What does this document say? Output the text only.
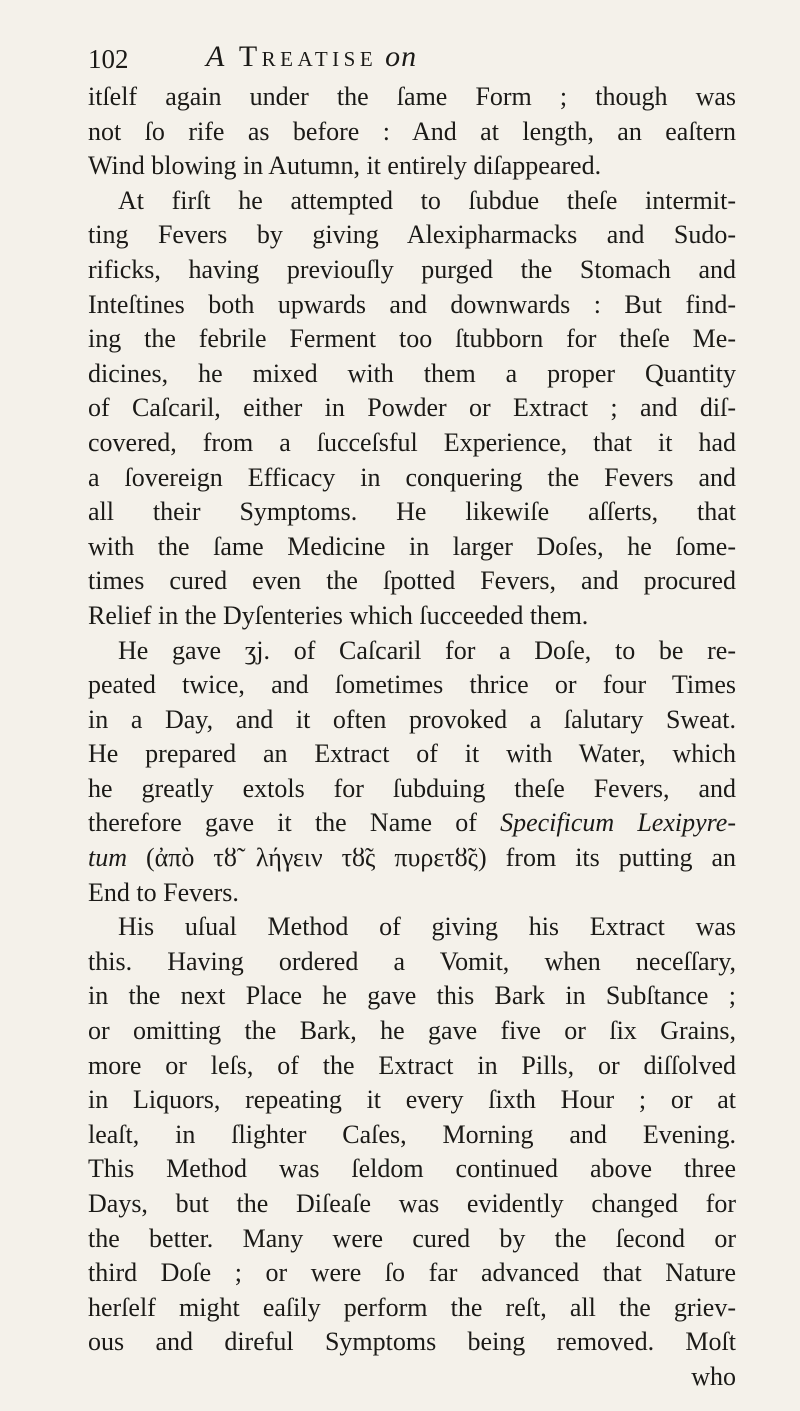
102	A Treatise on
itſelf again under the ſame Form ; though was
not ſo rife as before : And at length, an eaſtern
Wind blowing in Autumn, it entirely diſappeared.
At firſt he attempted to ſubdue theſe intermit-
ting Fevers by giving Alexipharmacks and Sudo-
rificks, having previouſly purged the Stomach and
Inteſtines both upwards and downwards : But find-
ing the febrile Ferment too ſtubborn for theſe Me-
dicines, he mixed with them a proper Quantity
of Caſcaril, either in Powder or Extract ; and diſ-
covered, from a ſucceſsful Experience, that it had
a ſovereign Efficacy in conquering the Fevers and
all their Symptoms. He likewiſe aſſerts, that
with the ſame Medicine in larger Doſes, he ſome-
times cured even the ſpotted Fevers, and procured
Relief in the Dyſenteries which ſucceeded them.
He gave ʒj. of Caſcaril for a Doſe, to be re-
peated twice, and ſometimes thrice or four Times
in a Day, and it often provoked a ſalutary Sweat.
He prepared an Extract of it with Water, which
he greatly extols for ſubduing theſe Fevers, and
therefore gave it the Name of Specificum Lexipyre-
tum (ἀπὸ τȣ̃ λήγειν τȣ̃ς πυρετȣ̃ς) from its putting an
End to Fevers.
His uſual Method of giving his Extract was
this. Having ordered a Vomit, when neceſſary,
in the next Place he gave this Bark in Subſtance ;
or omitting the Bark, he gave five or ſix Grains,
more or leſs, of the Extract in Pills, or diſſolved
in Liquors, repeating it every ſixth Hour ; or at
leaſt, in ſlighter Caſes, Morning and Evening.
This Method was ſeldom continued above three
Days, but the Diſeaſe was evidently changed for
the better. Many were cured by the ſecond or
third Doſe ; or were ſo far advanced that Nature
herſelf might eaſily perform the reſt, all the griev-
ous and direful Symptoms being removed. Moſt
who
